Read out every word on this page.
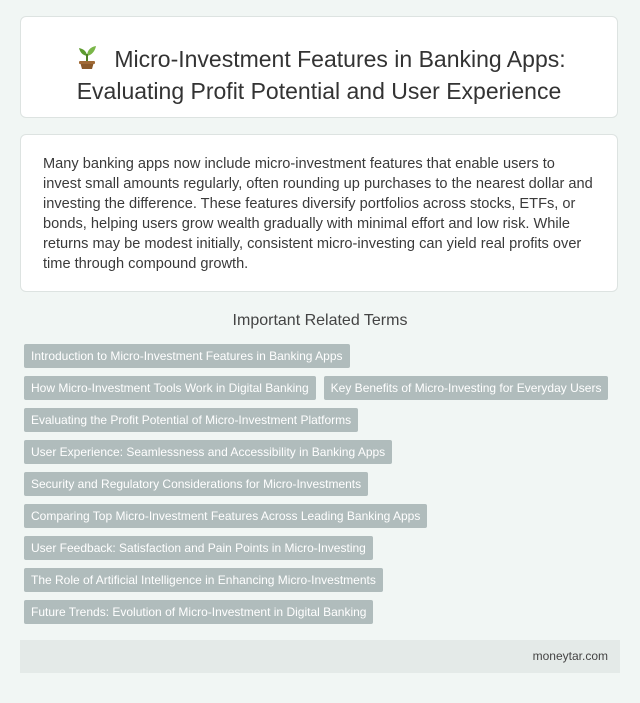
Micro-Investment Features in Banking Apps: Evaluating Profit Potential and User Experience

Many banking apps now include micro-investment features that enable users to invest small amounts regularly, often rounding up purchases to the nearest dollar and investing the difference. These features diversify portfolios across stocks, ETFs, or bonds, helping users grow wealth gradually with minimal effort and low risk. While returns may be modest initially, consistent micro-investing can yield real profits over time through compound growth.

Important Related Terms
Introduction to Micro-Investment Features in Banking Apps
How Micro-Investment Tools Work in Digital Banking	Key Benefits of Micro-Investing for Everyday Users
Evaluating the Profit Potential of Micro-Investment Platforms
User Experience: Seamlessness and Accessibility in Banking Apps
Security and Regulatory Considerations for Micro-Investments
Comparing Top Micro-Investment Features Across Leading Banking Apps
User Feedback: Satisfaction and Pain Points in Micro-Investing
The Role of Artificial Intelligence in Enhancing Micro-Investments
Future Trends: Evolution of Micro-Investment in Digital Banking
moneytar.com
